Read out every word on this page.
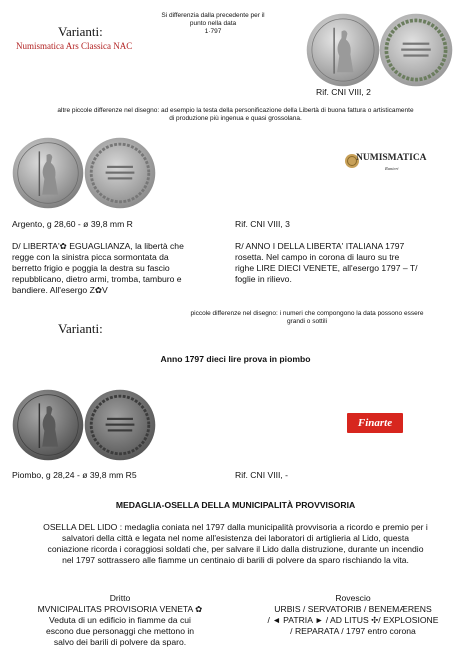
Varianti:
Numismatica Ars Classica NAC
Si differenzia dalla precedente per il
punto nella data
1·797
Rif. CNI VIII, 2
altre piccole differenze nel disegno: ad esempio la testa della personificazione della Libertà di buona fattura o artisticamente
di produzione più ingenua e quasi grossolana.
NUMISMATICA
Ranieri
Argento, g 28,60 - ø 39,8 mm R	Rif. CNI VIII, 3
D/ LIBERTA'✿ EGUAGLIANZA, la libertà che
regge con la sinistra picca sormontata da
berretto frigio e poggia la destra su fascio
repubblicano, dietro armi, tromba, tamburo e
bandiere. All'esergo Z✿V
R/ ANNO I DELLA LIBERTA' ITALIANA 1797
rosetta. Nel campo in corona di lauro su tre
righe LIRE DIECI VENETE, all'esergo 1797 – T/
foglie in rilievo.
Varianti:
piccole differenze nel disegno: i numeri che compongono la data possono essere
grandi o sottili
Anno 1797 dieci lire prova in piombo
Finarte
Piombo, g 28,24 - ø 39,8 mm R5	Rif. CNI VIII, -
MEDAGLIA-OSELLA DELLA MUNICIPALITÀ PROVVISORIA
OSELLA DEL LIDO : medaglia coniata nel 1797 dalla municipalità provvisoria a ricordo e premio per i
salvatori della città e legata nel nome all'esistenza dei laboratori di artiglieria al Lido, questa
coniazione ricorda i coraggiosi soldati che, per salvare il Lido dalla distruzione, durante un incendio
nel 1797 sottrassero alle fiamme un centinaio di barili di polvere da sparo rischiando la vita.
Dritto
MVNICIPALITAS PROVISORIA VENETA ✿
Veduta di un edificio in fiamme da cui
escono due personaggi che mettono in
salvo dei barili di polvere da sparo.
Rovescio
URBIS / SERVATORIB / BENEMÆRENS
/ ◄ PATRIA ► / AD LITUS ✣/ EXPLOSIONE
/ REPARATA / 1797 entro corona
